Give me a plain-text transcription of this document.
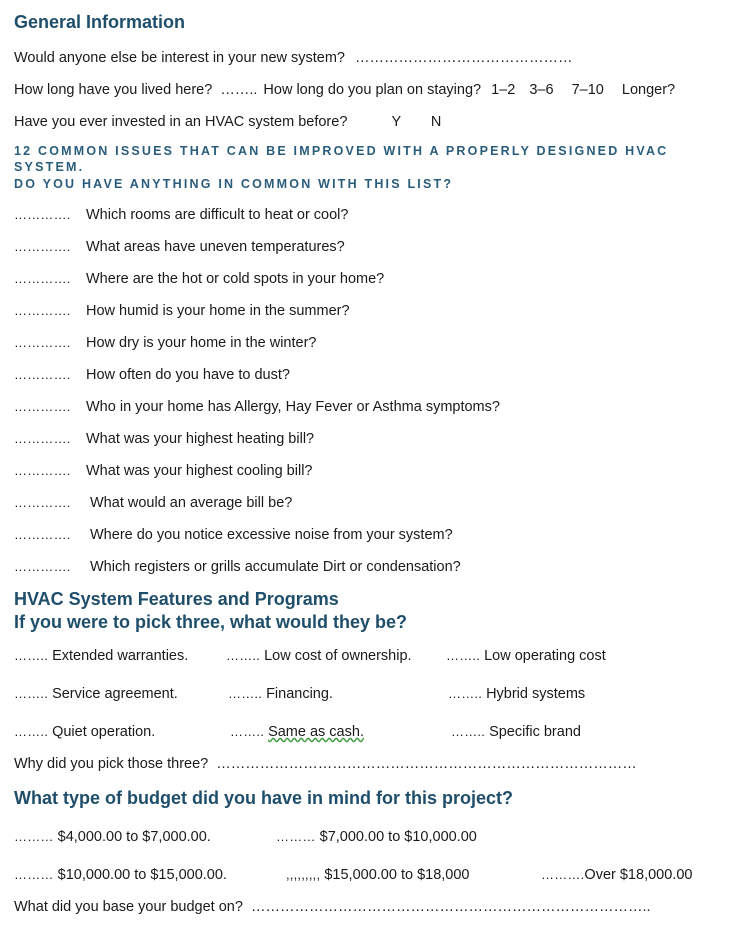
General Information
Would anyone else be interest in your new system? ………………………………………
How long have you lived here? …….. How long do you plan on staying? 1–2 3–6 7–10 Longer?
Have you ever invested in an HVAC system before?	Y N
12 COMMON ISSUES THAT CAN BE IMPROVED WITH A PROPERLY DESIGNED HVAC SYSTEM.
DO YOU HAVE ANYTHING IN COMMON WITH THIS LIST?
…………. Which rooms are difficult to heat or cool?
…………. What areas have uneven temperatures?
…………. Where are the hot or cold spots in your home?
…………. How humid is your home in the summer?
…………. How dry is your home in the winter?
…………. How often do you have to dust?
…………. Who in your home has Allergy, Hay Fever or Asthma symptoms?
…………. What was your highest heating bill?
…………. What was your highest cooling bill?
…………. What would an average bill be?
…………. Where do you notice excessive noise from your system?
…………. Which registers or grills accumulate Dirt or condensation?
HVAC System Features and Programs
If you were to pick three, what would they be?
…….. Extended warranties.	…….. Low cost of ownership.	…….. Low operating cost
…….. Service agreement.	…….. Financing.	…….. Hybrid systems
…….. Quiet operation.	…….. Same as cash.	…….. Specific brand
Why did you pick those three? ……………………………………………………………………………
What type of budget did you have in mind for this project?
……… $4,000.00 to $7,000.00.	……… $7,000.00 to $10,000.00
……… $10,000.00 to $15,000.00.	,,,,,,,,, $15,000.00 to $18,000	……….Over $18,000.00
What did you base your budget on? ………………………………………………………………………..
